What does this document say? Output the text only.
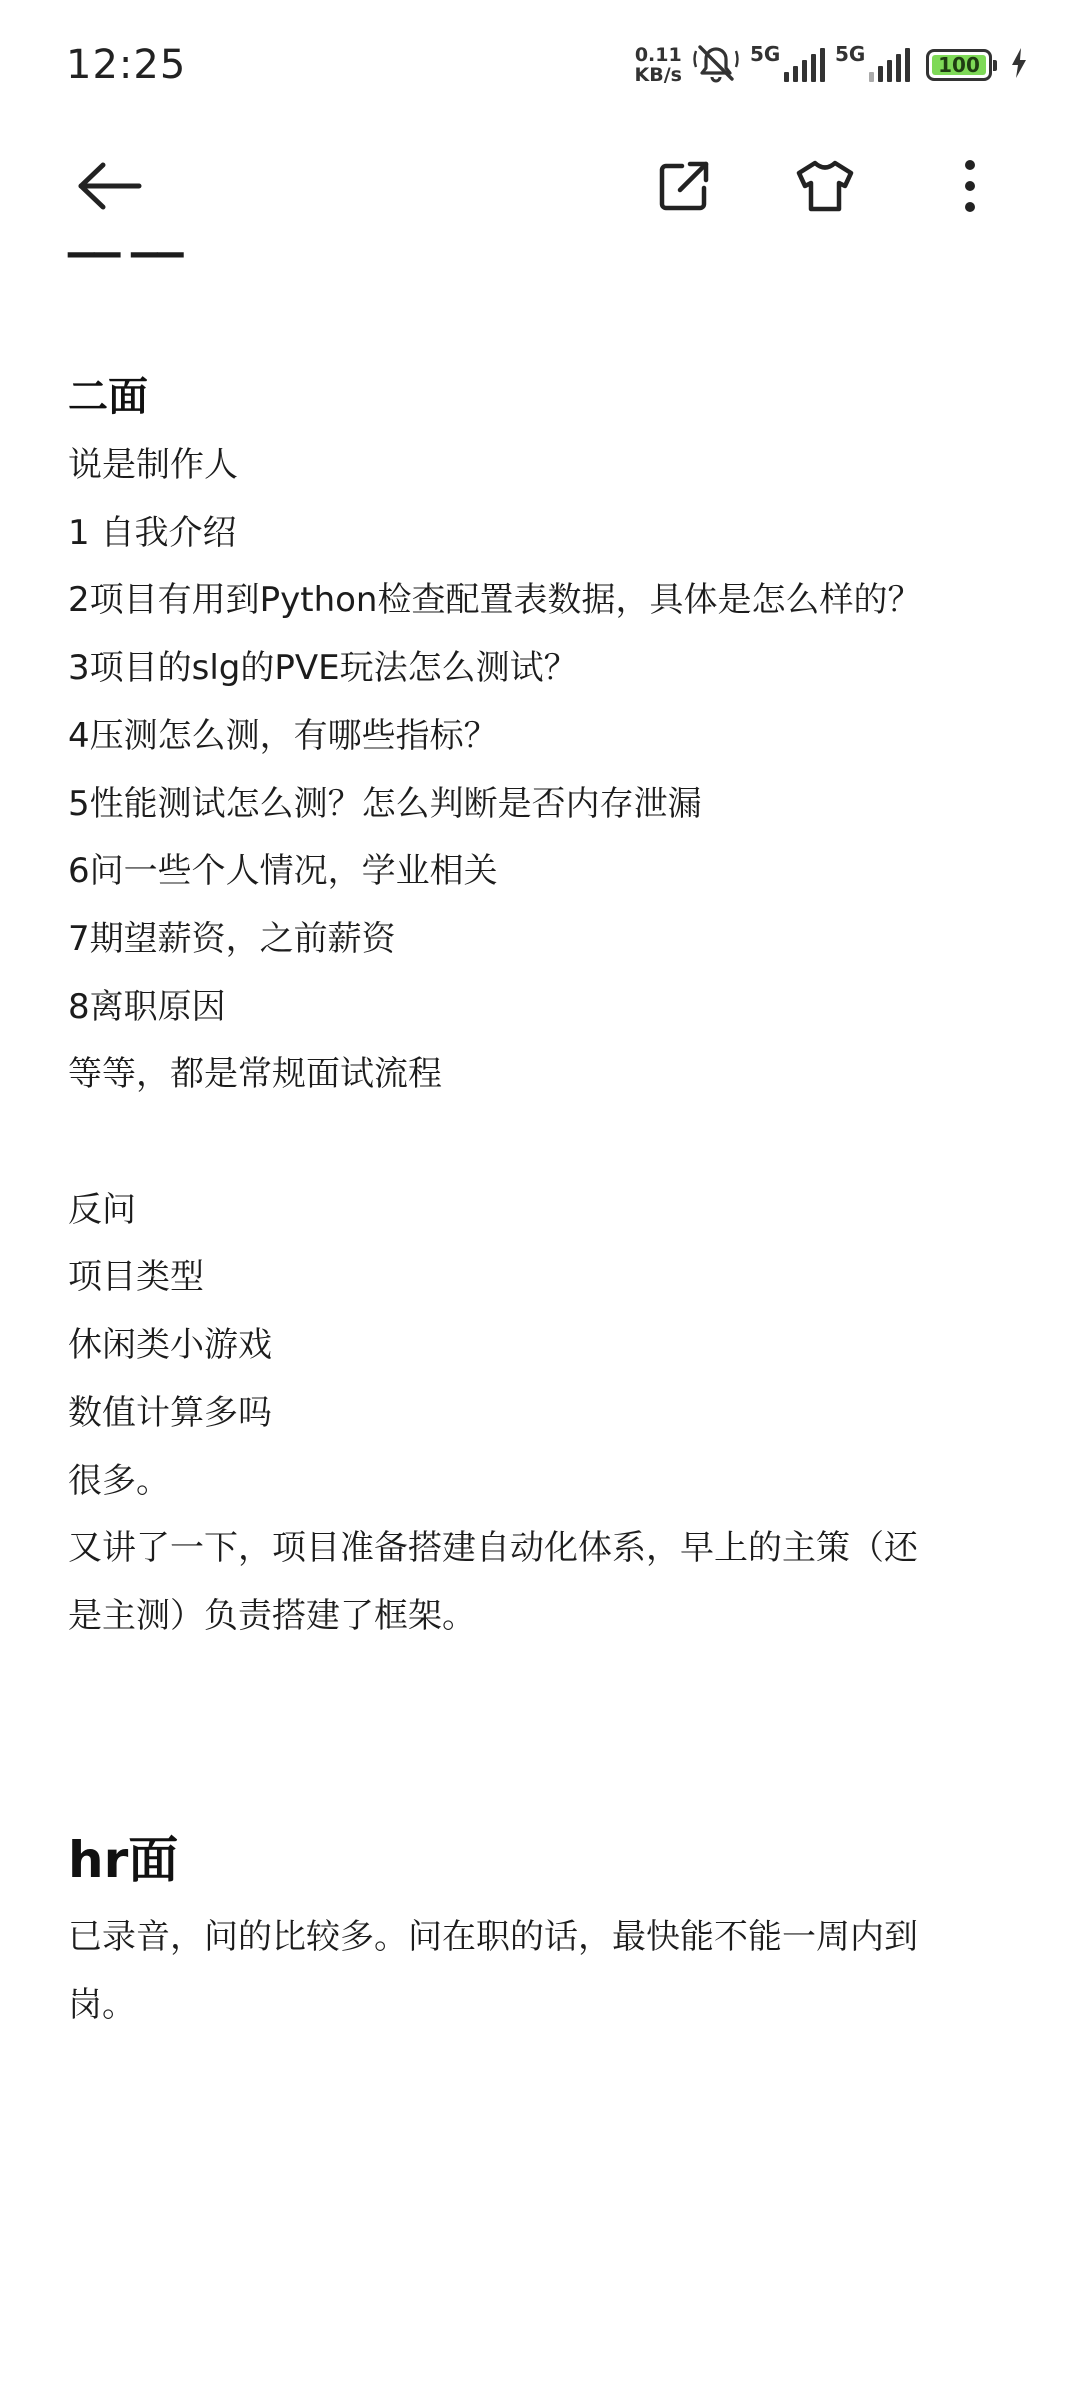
12:25	0.11
KB/s
5G	5G	100
▁▁ ▁▁
二面
说是制作人
1 自我介绍
2项目有用到Python检查配置表数据，具体是怎么样的？
3项目的slg的PVE玩法怎么测试？
4压测怎么测，有哪些指标？
5性能测试怎么测？怎么判断是否内存泄漏
6问一些个人情况，学业相关
7期望薪资，之前薪资
8离职原因
等等，都是常规面试流程
反问
项目类型
休闲类小游戏
数值计算多吗
很多。
又讲了一下，项目准备搭建自动化体系，早上的主策（还
是主测）负责搭建了框架。
hr面
已录音，问的比较多。问在职的话，最快能不能一周内到
岗。
